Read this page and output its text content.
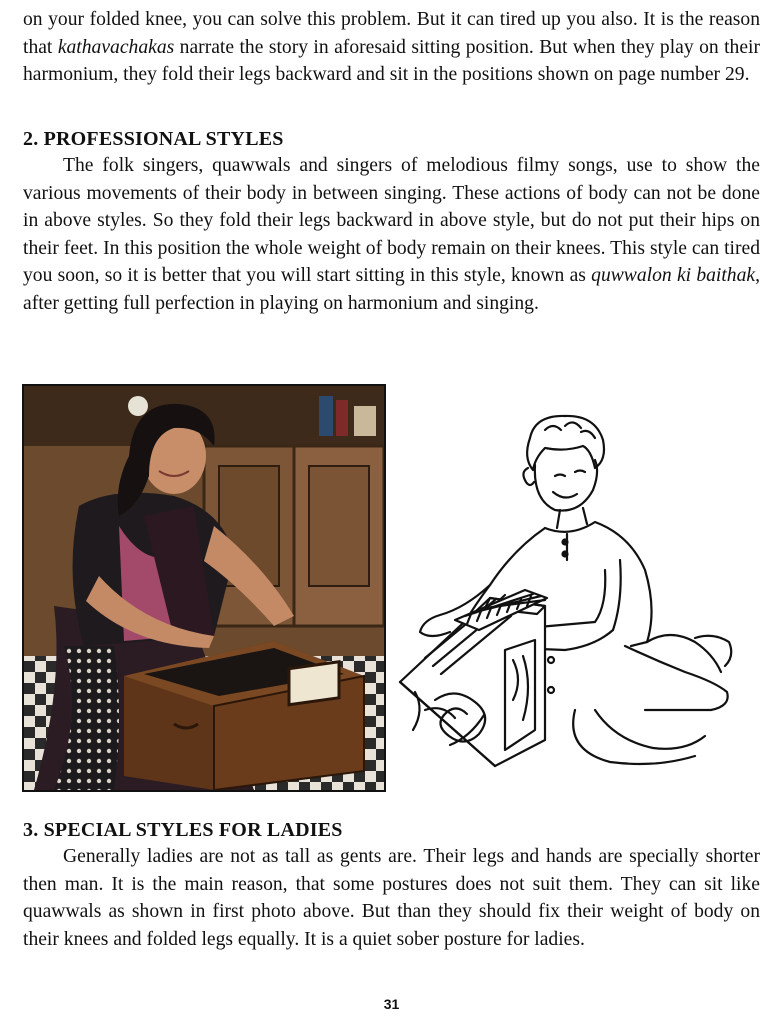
on your folded knee, you can solve this problem. But it can tired up you also. It is the reason that kathavachakas narrate the story in aforesaid sitting position. But when they play on their harmonium, they fold their legs backward and sit in the positions shown on page number 29.

2. PROFESSIONAL STYLES

The folk singers, quawwals and singers of melodious filmy songs, use to show the various movements of their body in between singing. These actions of body can not be done in above styles. So they fold their legs backward in above style, but do not put their hips on their feet. In this position the whole weight of body remain on their knees. This style can tired you soon, so it is better that you will start sitting in this style, known as quwwalon ki baithak, after getting full perfection in playing on harmonium and singing.

3. SPECIAL STYLES FOR LADIES

Generally ladies are not as tall as gents are. Their legs and hands are specially shorter then man. It is the main reason, that some postures does not suit them. They can sit like quawwals as shown in first photo above. But than they should fix their weight of body on their knees and folded legs equally. It is a quiet sober posture for ladies.

31
